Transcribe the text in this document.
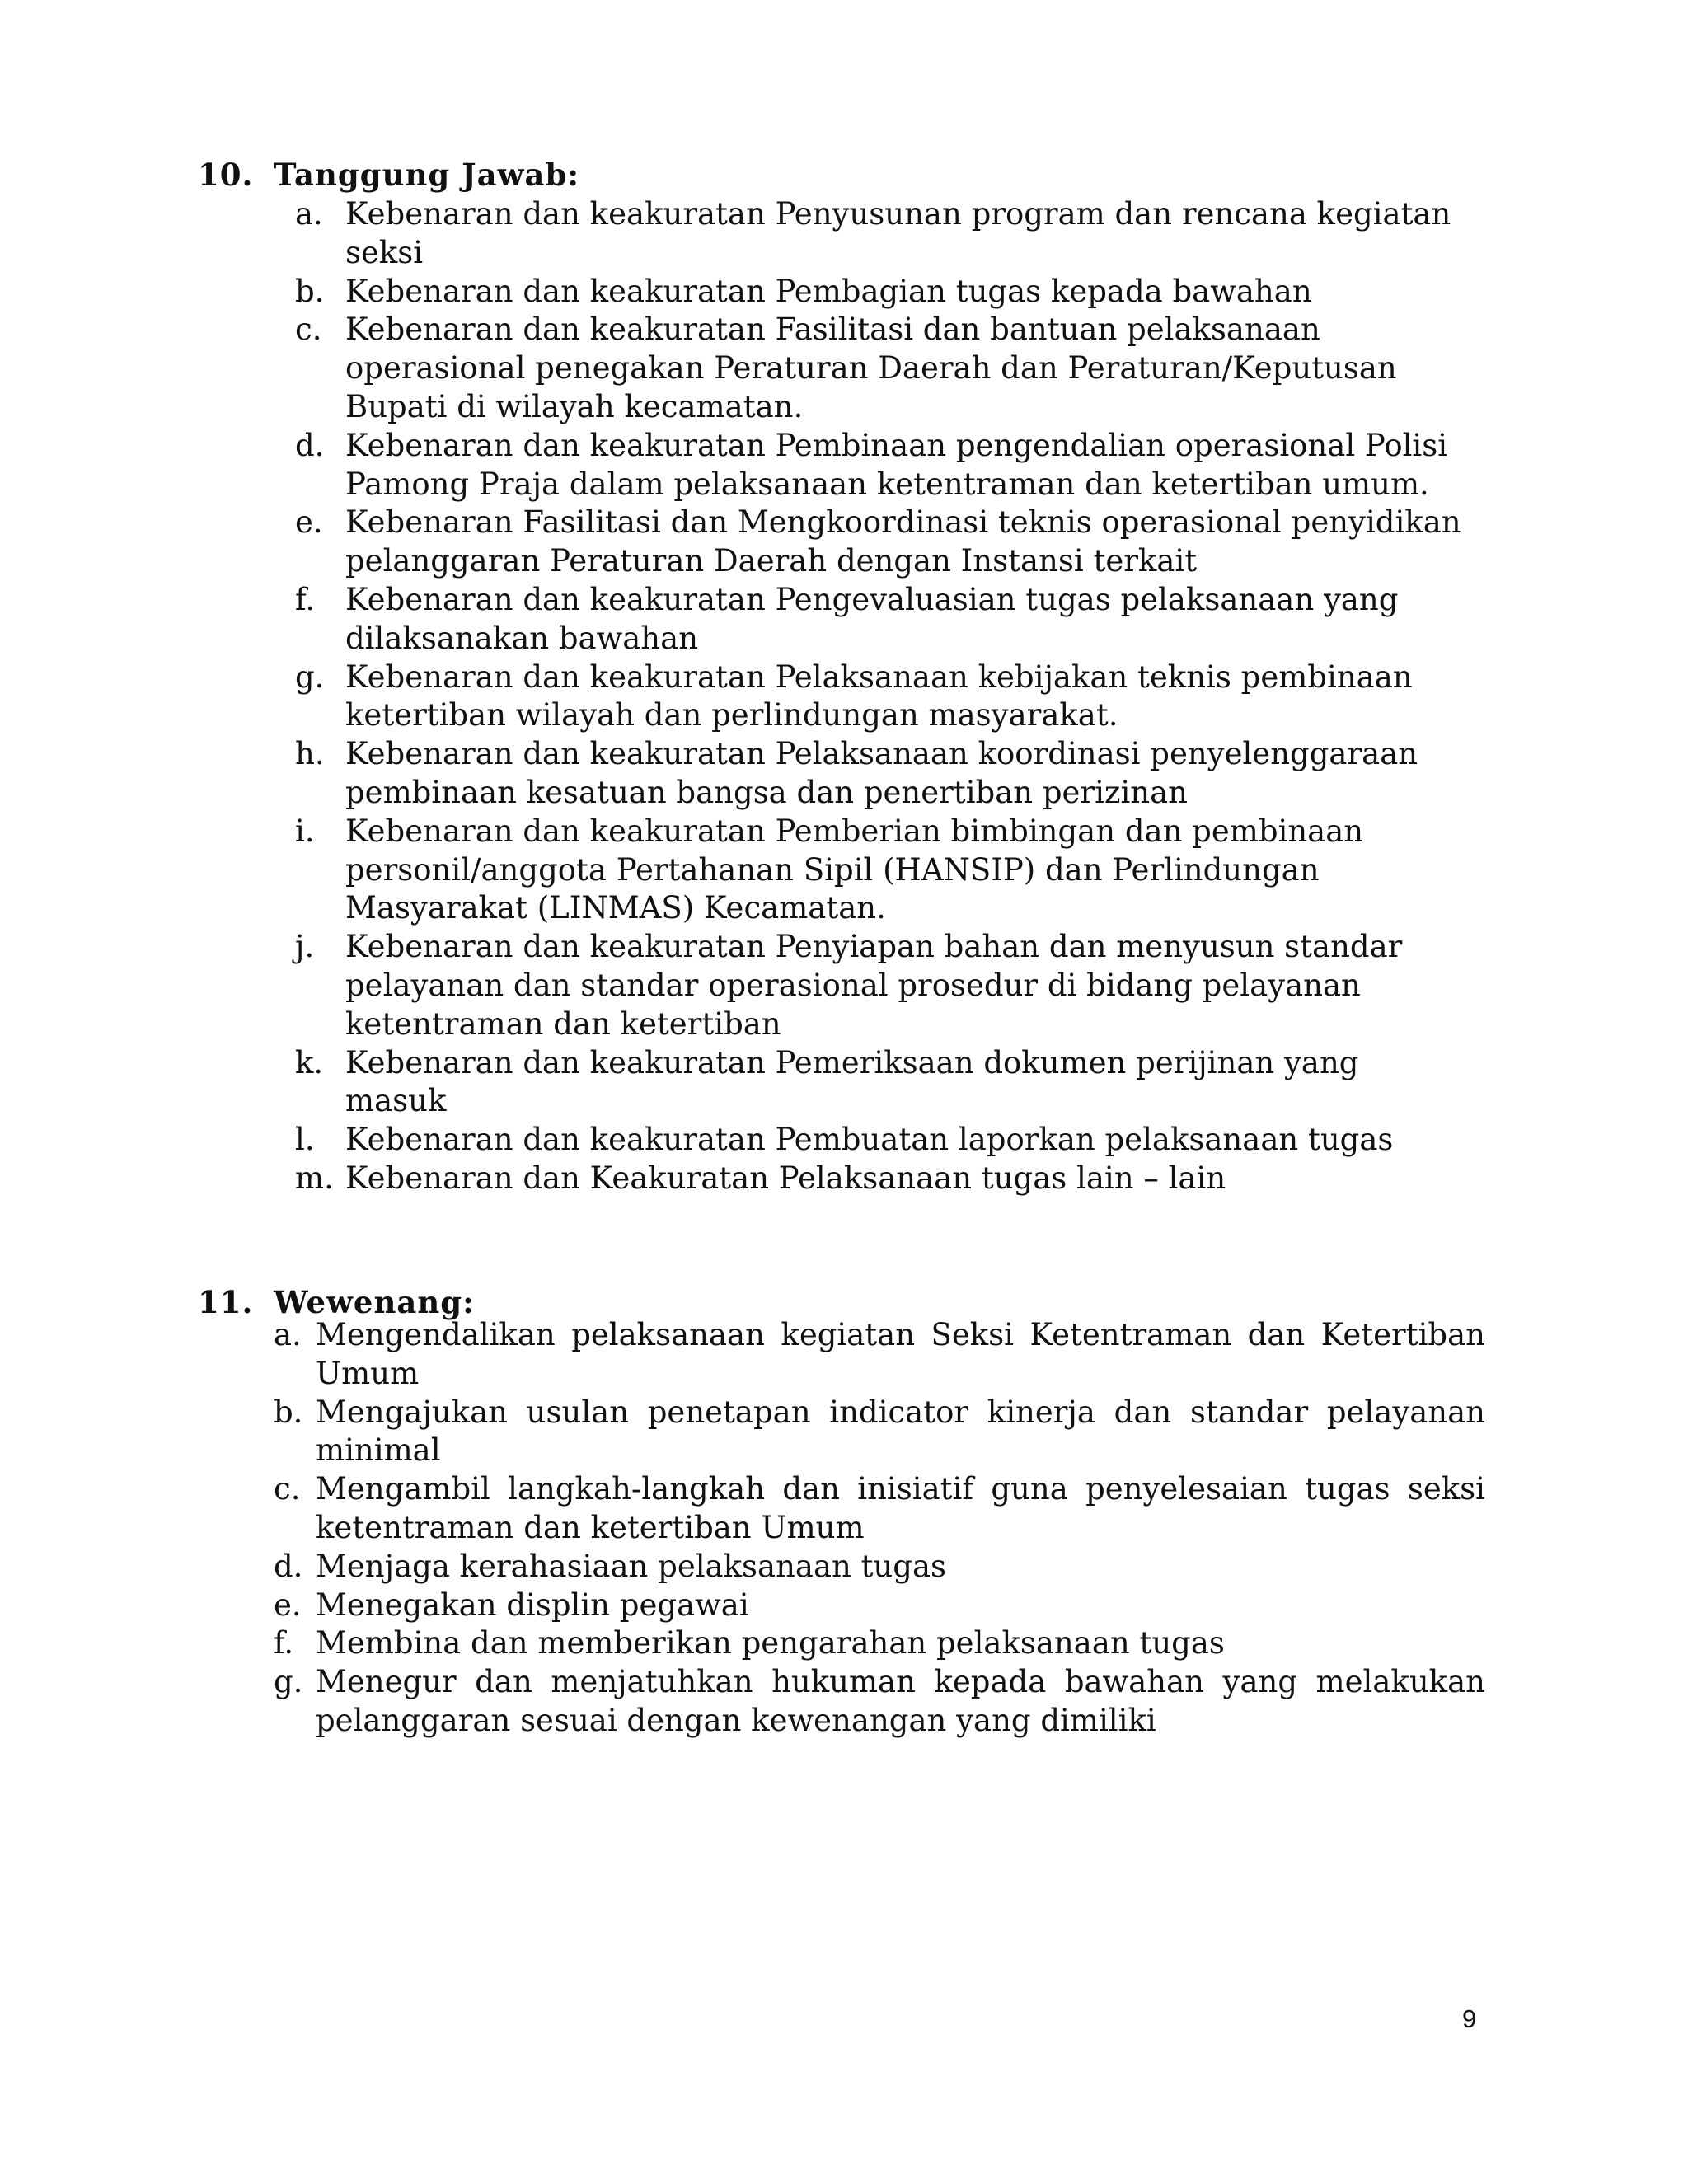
10. Tanggung Jawab:
a. Kebenaran dan keakuratan Penyusunan program dan rencana kegiatan seksi
b. Kebenaran dan keakuratan Pembagian tugas kepada bawahan
c. Kebenaran dan keakuratan Fasilitasi dan bantuan pelaksanaan operasional penegakan Peraturan Daerah dan Peraturan/Keputusan Bupati di wilayah kecamatan.
d. Kebenaran dan keakuratan Pembinaan pengendalian operasional Polisi Pamong Praja dalam pelaksanaan ketentraman dan ketertiban umum.
e. Kebenaran Fasilitasi dan Mengkoordinasi teknis operasional penyidikan pelanggaran Peraturan Daerah dengan Instansi terkait
f. Kebenaran dan keakuratan Pengevaluasian tugas pelaksanaan yang dilaksanakan bawahan
g. Kebenaran dan keakuratan Pelaksanaan kebijakan teknis pembinaan ketertiban wilayah dan perlindungan masyarakat.
h. Kebenaran dan keakuratan Pelaksanaan koordinasi penyelenggaraan pembinaan kesatuan bangsa dan penertiban perizinan
i. Kebenaran dan keakuratan Pemberian bimbingan dan pembinaan personil/anggota Pertahanan Sipil (HANSIP) dan Perlindungan Masyarakat (LINMAS) Kecamatan.
j. Kebenaran dan keakuratan Penyiapan bahan dan menyusun standar pelayanan dan standar operasional prosedur di bidang pelayanan ketentraman dan ketertiban
k. Kebenaran dan keakuratan Pemeriksaan dokumen perijinan yang masuk
l. Kebenaran dan keakuratan Pembuatan laporkan pelaksanaan tugas
m. Kebenaran dan Keakuratan Pelaksanaan tugas lain – lain
11. Wewenang:
a. Mengendalikan pelaksanaan kegiatan Seksi Ketentraman dan Ketertiban Umum
b. Mengajukan usulan penetapan indicator kinerja dan standar pelayanan minimal
c. Mengambil langkah-langkah dan inisiatif guna penyelesaian tugas seksi ketentraman dan ketertiban Umum
d. Menjaga kerahasiaan pelaksanaan tugas
e. Menegakan displin pegawai
f. Membina dan memberikan pengarahan pelaksanaan tugas
g. Menegur dan menjatuhkan hukuman kepada bawahan yang melakukan pelanggaran sesuai dengan kewenangan yang dimiliki
9
